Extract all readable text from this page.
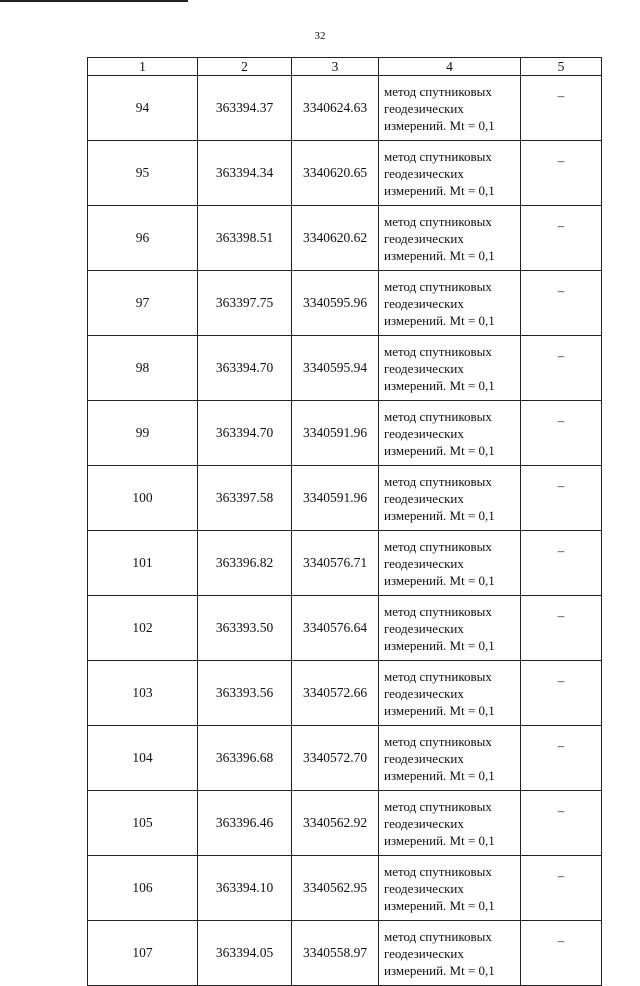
32
1	2	3	4	5
94	363394.37	3340624.63	метод спутниковых
геодезических
измерений. Mt = 0,1	–
95	363394.34	3340620.65	метод спутниковых
геодезических
измерений. Mt = 0,1	–
96	363398.51	3340620.62	метод спутниковых
геодезических
измерений. Mt = 0,1	–
97	363397.75	3340595.96	метод спутниковых
геодезических
измерений. Mt = 0,1	–
98	363394.70	3340595.94	метод спутниковых
геодезических
измерений. Mt = 0,1	–
99	363394.70	3340591.96	метод спутниковых
геодезических
измерений. Mt = 0,1	–
100	363397.58	3340591.96	метод спутниковых
геодезических
измерений. Mt = 0,1	–
101	363396.82	3340576.71	метод спутниковых
геодезических
измерений. Mt = 0,1	–
102	363393.50	3340576.64	метод спутниковых
геодезических
измерений. Mt = 0,1	–
103	363393.56	3340572.66	метод спутниковых
геодезических
измерений. Mt = 0,1	–
104	363396.68	3340572.70	метод спутниковых
геодезических
измерений. Mt = 0,1	–
105	363396.46	3340562.92	метод спутниковых
геодезических
измерений. Mt = 0,1	–
106	363394.10	3340562.95	метод спутниковых
геодезических
измерений. Mt = 0,1	–
107	363394.05	3340558.97	метод спутниковых
геодезических
измерений. Mt = 0,1	–
